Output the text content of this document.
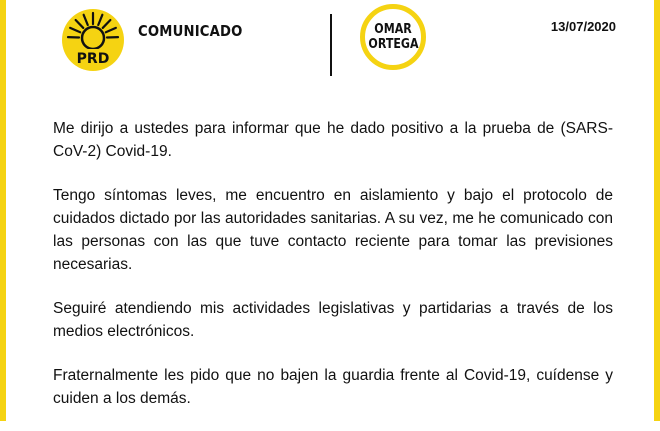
PRD
COMUNICADO	OMAR
ORTEGA
13/07/2020

Me dirijo a ustedes para informar que he dado positivo a la prueba de (SARS-CoV-2) Covid-19.

Tengo síntomas leves, me encuentro en aislamiento y bajo el protocolo de cuidados dictado por las autoridades sanitarias. A su vez, me he comunicado con las personas con las que tuve contacto reciente para tomar las previsiones necesarias.

Seguiré atendiendo mis actividades legislativas y partidarias a través de los medios electrónicos.

Fraternalmente les pido que no bajen la guardia frente al Covid-19, cuídense y cuiden a los demás.
